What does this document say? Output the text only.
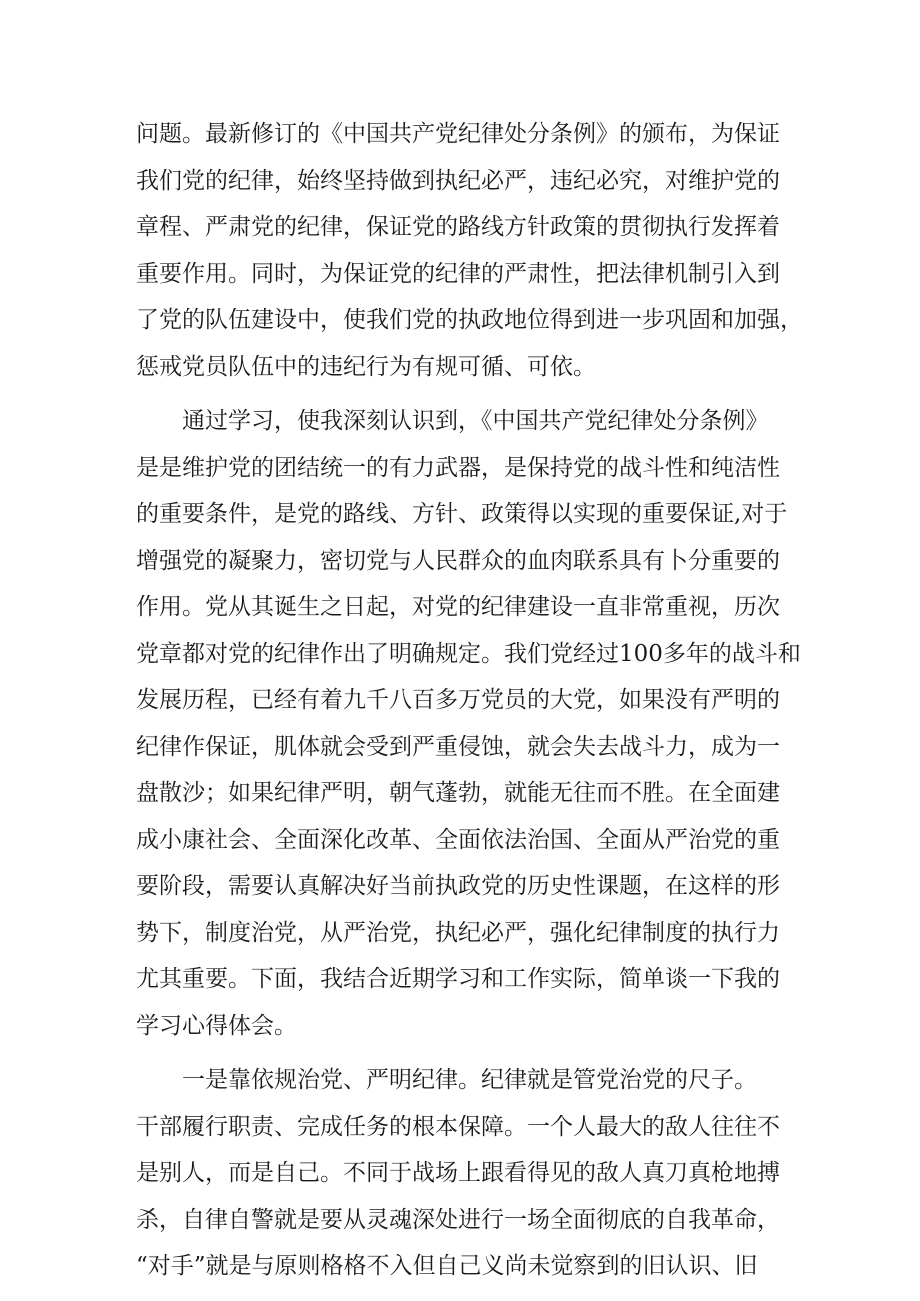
问题。最新修订的《中国共产党纪律处分条例》的颁布，为保证
我们党的纪律，始终坚持做到执纪必严，违纪必究，对维护党的
章程、严肃党的纪律，保证党的路线方针政策的贯彻执行发挥着
重要作用。同时，为保证党的纪律的严肃性，把法律机制引入到
了党的队伍建设中，使我们党的执政地位得到进一步巩固和加强，
惩戒党员队伍中的违纪行为有规可循、可依。
通过学习，使我深刻认识到，《中国共产党纪律处分条例》
是是维护党的团结统一的有力武器，是保持党的战斗性和纯洁性
的重要条件，是党的路线、方针、政策得以实现的重要保证,对于
增强党的凝聚力，密切党与人民群众的血肉联系具有卜分重要的
作用。党从其诞生之日起，对党的纪律建设一直非常重视，历次
党章都对党的纪律作出了明确规定。我们党经过100多年的战斗和
发展历程，已经有着九千八百多万党员的大党，如果没有严明的
纪律作保证，肌体就会受到严重侵蚀，就会失去战斗力，成为一
盘散沙；如果纪律严明，朝气蓬勃，就能无往而不胜。在全面建
成小康社会、全面深化改革、全面依法治国、全面从严治党的重
要阶段，需要认真解决好当前执政党的历史性课题，在这样的形
势下，制度治党，从严治党，执纪必严，强化纪律制度的执行力
尤其重要。下面，我结合近期学习和工作实际，简单谈一下我的
学习心得体会。
一是靠依规治党、严明纪律。纪律就是管党治党的尺子。
干部履行职责、完成任务的根本保障。一个人最大的敌人往往不
是别人，而是自己。不同于战场上跟看得见的敌人真刀真枪地搏
杀，自律自警就是要从灵魂深处进行一场全面彻底的自我革命，
“对手”就是与原则格格不入但自己义尚未觉察到的旧认识、旧
